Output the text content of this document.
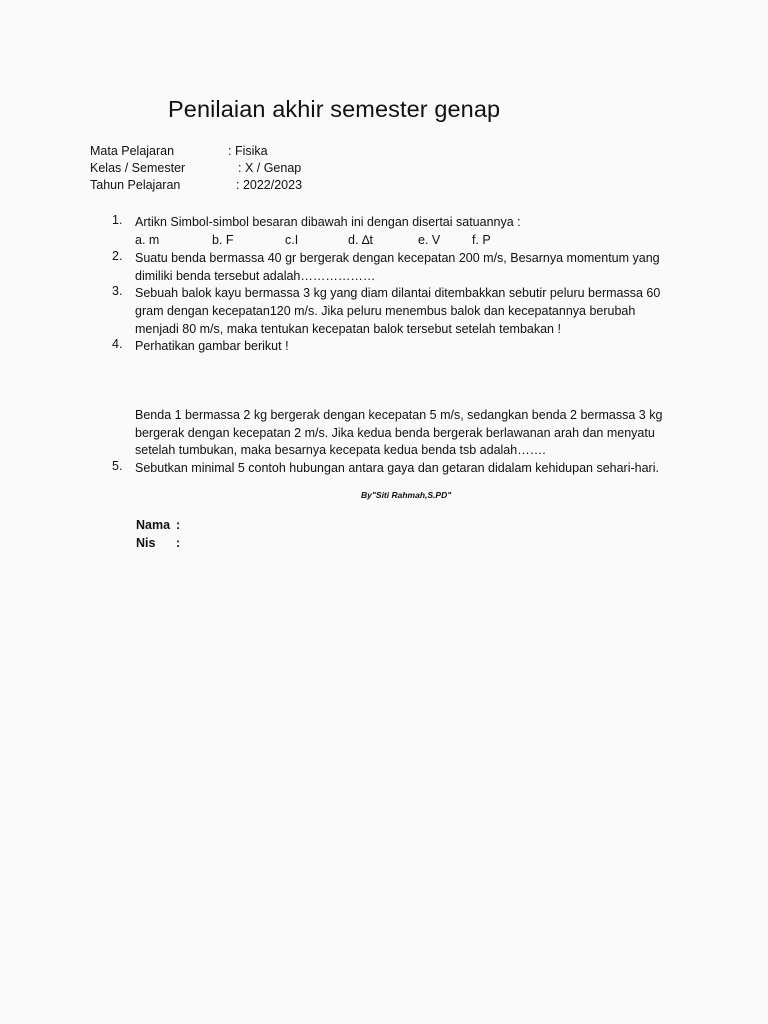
Penilaian akhir semester genap
Mata Pelajaran	: Fisika
Kelas / Semester	: X / Genap
Tahun Pelajaran	: 2022/2023
1. Artikn Simbol-simbol besaran dibawah ini dengan disertai satuannya :
a. m	b. F	c.I	d. ∆t	e. V	f. P
2. Suatu benda bermassa 40 gr bergerak dengan kecepatan 200 m/s, Besarnya momentum yang
dimiliki benda tersebut adalah………………
3. Sebuah balok kayu bermassa 3 kg yang diam dilantai ditembakkan sebutir peluru bermassa 60
gram dengan kecepatan120 m/s. Jika peluru menembus balok dan kecepatannya berubah
menjadi 80 m/s, maka tentukan kecepatan balok tersebut setelah tembakan !
4. Perhatikan gambar berikut !
Benda 1 bermassa 2 kg bergerak dengan kecepatan 5 m/s, sedangkan benda 2 bermassa 3 kg
bergerak dengan kecepatan 2 m/s. Jika kedua benda bergerak berlawanan arah dan menyatu
setelah tumbukan, maka besarnya kecepata kedua benda tsb adalah…….
5. Sebutkan minimal 5 contoh hubungan antara gaya dan getaran didalam kehidupan sehari-hari.
By"Siti Rahmah,S.PD"
Nama :
Nis :
